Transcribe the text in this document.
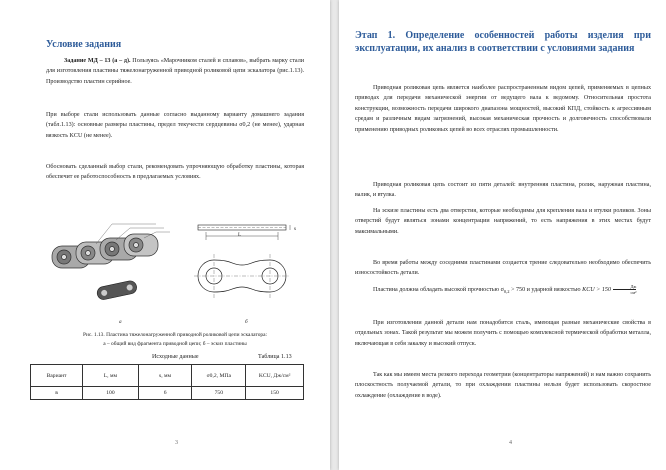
Условие задания
Задание МД – 13 (а – д). Пользуясь «Марочником сталей и сплавов», выбрать марку стали для изготовления пластины тяжелонагруженной приводной роликовой цепи эскалатора (рис.1.13). Производство пластин серийное.
При выборе стали использовать данные согласно выданному варианту домашнего задания (табл.1.13): основные размеры пластины, предел текучести сердцевины σ0,2 (не менее), ударная вязкость KCU (не менее).
Обосновать сделанный выбор стали, рекомендовать упрочняющую обработку пластины, которая обеспечит ее работоспособность в предлагаемых условиях.
а
L
s
б
Рис. 1.13. Пластина тяжелонагруженной приводной роликовой цепи эскалатора:
а – общий вид фрагмента приводной цепи; б – эскиз пластины
Исходные данные	Таблица 1.13
Вариант	L, мм	s, мм	σ0,2, МПа	KCU, Дж/см²
в	100	6	750	150
3
Этап 1. Определение особенностей работы изделия при эксплуатации, их анализ в соответствии с условиями задания
Приводная роликовая цепь является наиболее распространенным видом цепей, применяемых в цепных приводах для передачи механической энергии от ведущего вала к ведомому. Относительная простота конструкции, возможность передачи широкого диапазона мощностей, высокий КПД, стойкость к агрессивным средам и различным видам загрязнений, высокая механическая прочность и долговечность способствовали применению приводных роликовых цепей во всех отраслях промышленности.
Приводная роликовая цепь состоит из пяти деталей: внутренняя пластина, ролик, наружная пластина, валик, и втулка.
На эскизе пластины есть два отверстия, которые необходимы для крепления вала и втулки роликов. Зоны отверстий будут являться зонами концентрации напряжений, то есть напряжения в этих местах будут максимальными.
Во время работы между соседними пластинами создается трение следовательно необходимо обеспечить износостойкость детали.
Пластина должна обладать высокой прочностью $\sigma_{0,2} > 750$ и ударной вязкостью KCU > 150
Дж
см²
При изготовлении данной детали нам понадобится сталь, имеющая разные механические свойства в отдельных зонах. Такой результат мы можем получить с помощью комплексной термической обработки металла, включающая в себя закалку и высокий отпуск.
Так как мы имеем места резкого перехода геометрии (концентраторы напряжений) и нам важно сохранить плоскостность получаемой детали, то при охлаждении пластины нельзя будет использовать скоростное охлаждение (охлаждение в воде).
4
